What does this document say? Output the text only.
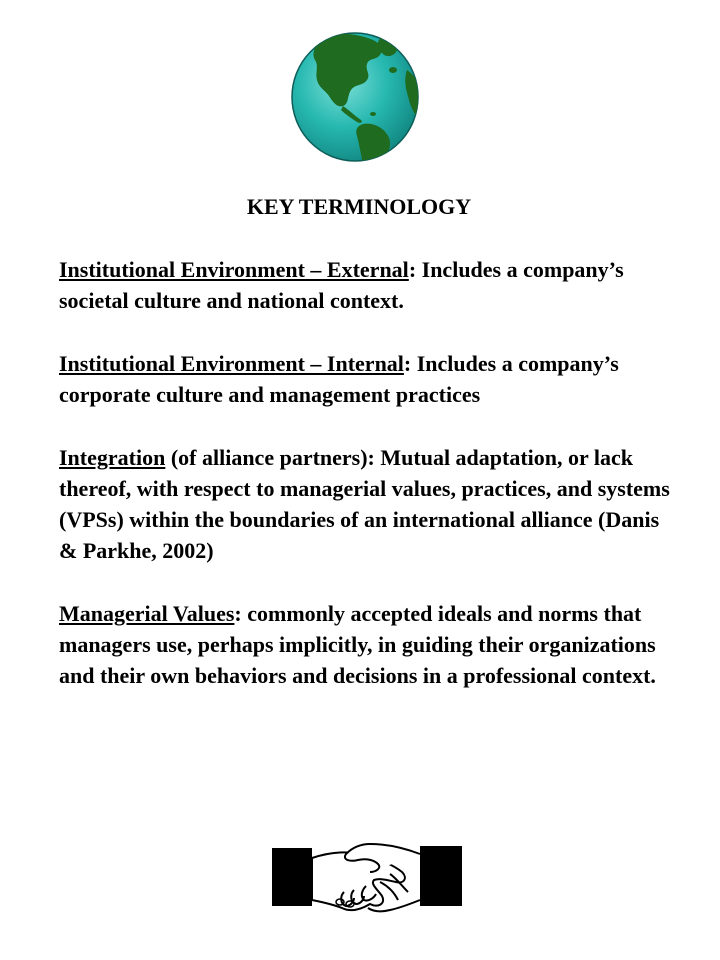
KEY TERMINOLOGY

Institutional Environment – External: Includes a company’s societal culture and national context.

Institutional Environment – Internal: Includes a company’s corporate culture and management practices

Integration (of alliance partners): Mutual adaptation, or lack thereof, with respect to managerial values, practices, and systems (VPSs) within the boundaries of an international alliance (Danis & Parkhe, 2002)

Managerial Values: commonly accepted ideals and norms that managers use, perhaps implicitly, in guiding their organizations and their own behaviors and decisions in a professional context.
